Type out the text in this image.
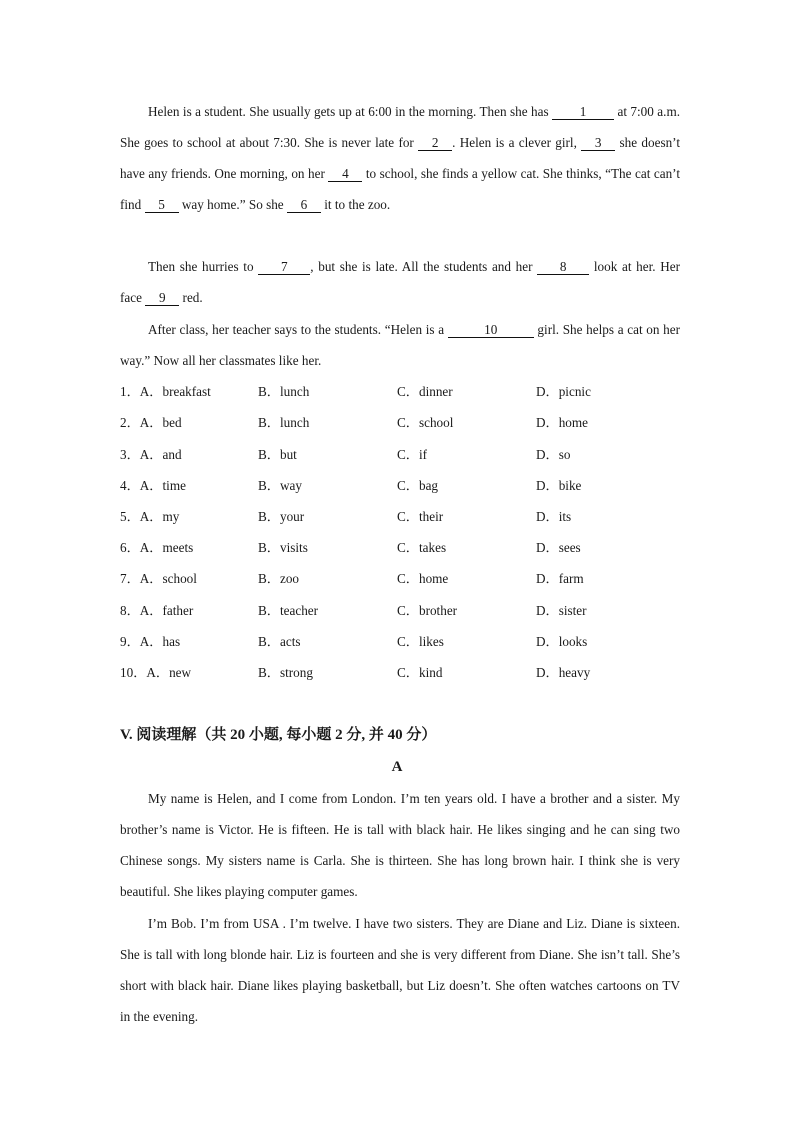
Helen is a student. She usually gets up at 6:00 in the morning. Then she has 1 at 7:00 a.m. She goes to school at about 7:30. She is never late for 2 . Helen is a clever girl, 3 she doesn’t have any friends. One morning, on her 4 to school, she finds a yellow cat. She thinks, “The cat can’t find 5 way home.” So she 6 it to the zoo.

Then she hurries to 7 , but she is late. All the students and her 8 look at her. Her face 9 red.

After class, her teacher says to the students. “Helen is a	10	girl. She helps a cat on her way.” Now all her classmates like her.

1．A．breakfast	B．lunch	C．dinner	D．picnic
2．A．bed	B．lunch	C．school	D．home
3．A．and	B．but	C．if	D．so
4．A．time	B．way	C．bag	D．bike
5．A．my	B．your	C．their	D．its
6．A．meets	B．visits	C．takes	D．sees
7．A．school	B．zoo	C．home	D．farm
8．A．father	B．teacher	C．brother	D．sister
9．A．has	B．acts	C．likes	D．looks
10．A．new	B．strong	C．kind	D．heavy
V. 阅读理解（共 20 小题, 每小题 2 分, 并 40 分）
A

My name is Helen, and I come from London. I’m ten years old. I have a brother and a sister. My brother’s name is Victor. He is fifteen. He is tall with black hair. He likes singing and he can sing two Chinese songs. My sisters name is Carla. She is thirteen. She has long brown hair. I think she is very beautiful. She likes playing computer games.

I’m Bob. I’m from USA . I’m twelve. I have two sisters. They are Diane and Liz. Diane is sixteen. She is tall with long blonde hair. Liz is fourteen and she is very different from Diane. She isn’t tall. She’s short with black hair. Diane likes playing basketball, but Liz doesn’t. She often watches cartoons on TV in the evening.
